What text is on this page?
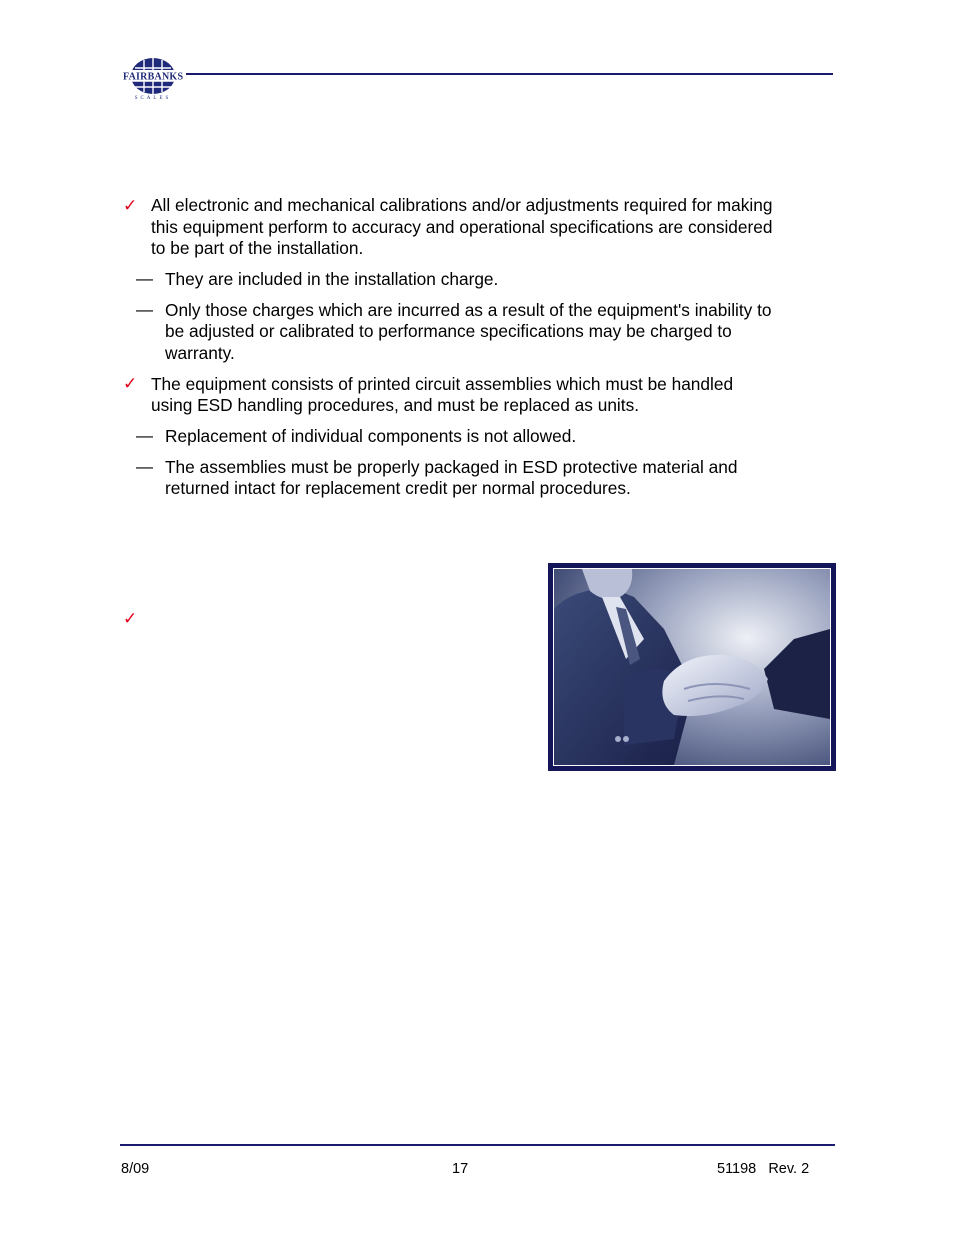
FAIRBANKS
SCALES
✓ All electronic and mechanical calibrations and/or adjustments required for making
this equipment perform to accuracy and operational specifications are considered
to be part of the installation.
— They are included in the installation charge.
— Only those charges which are incurred as a result of the equipment's inability to
be adjusted or calibrated to performance specifications may be charged to
warranty.
✓ The equipment consists of printed circuit assemblies which must be handled
using ESD handling procedures, and must be replaced as units.
— Replacement of individual components is not allowed.
— The assemblies must be properly packaged in ESD protective material and
returned intact for replacement credit per normal procedures.
✓
8/09	17	51198   Rev. 2
